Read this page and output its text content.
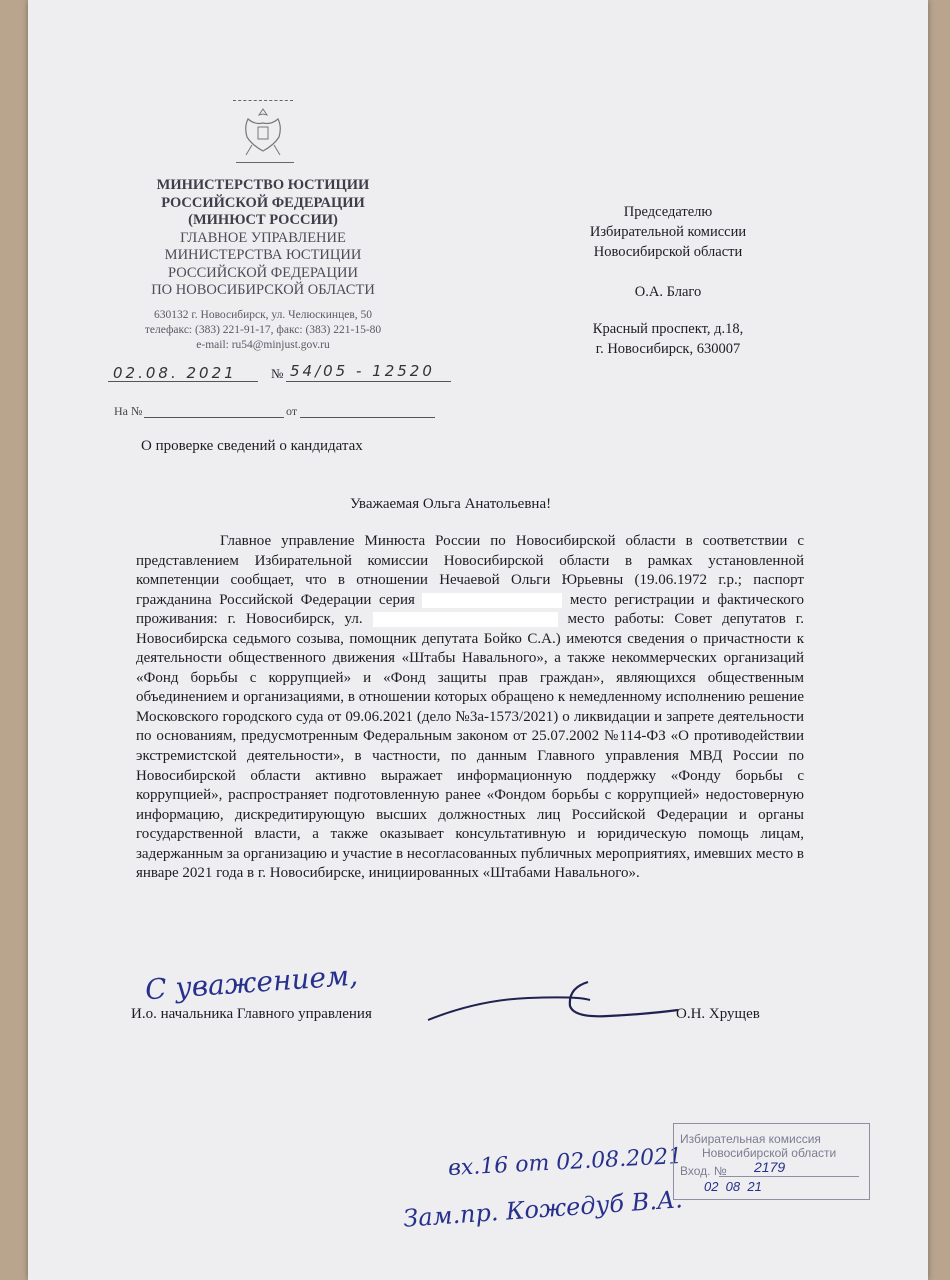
МИНИСТЕРСТВО ЮСТИЦИИ
РОССИЙСКОЙ ФЕДЕРАЦИИ
(МИНЮСТ РОССИИ)
ГЛАВНОЕ УПРАВЛЕНИЕ
МИНИСТЕРСТВА ЮСТИЦИИ
РОССИЙСКОЙ ФЕДЕРАЦИИ
ПО НОВОСИБИРСКОЙ ОБЛАСТИ
630132 г. Новосибирск, ул. Челюскинцев, 50
телефакс: (383) 221-91-17, факс: (383) 221-15-80
e-mail: ru54@minjust.gov.ru
02.08. 2021	№ 54/05 - 12520
На №	от
Председателю
Избирательной комиссии
Новосибирской области
О.А. Благо
Красный проспект, д.18,
г. Новосибирск, 630007
О проверке сведений о кандидатах
Уважаемая Ольга Анатольевна!

Главное управление Минюста России по Новосибирской области в соответствии с представлением Избирательной комиссии Новосибирской области в рамках установленной компетенции сообщает, что в отношении Нечаевой Ольги Юрьевны (19.06.1972 г.р.; паспорт гражданина Российской Федерации серия	место регистрации и фактического проживания: г. Новосибирск, ул.	место работы: Совет депутатов г. Новосибирска седьмого созыва, помощник депутата Бойко С.А.) имеются сведения о причастности к деятельности общественного движения «Штабы Навального», а также некоммерческих организаций «Фонд борьбы с коррупцией» и «Фонд защиты прав граждан», являющихся общественным объединением и организациями, в отношении которых обращено к немедленному исполнению решение Московского городского суда от 09.06.2021 (дело №3а-1573/2021) о ликвидации и запрете деятельности по основаниям, предусмотренным Федеральным законом от 25.07.2002 №114-ФЗ «О противодействии экстремистской деятельности», в частности, по данным Главного управления МВД России по Новосибирской области активно выражает информационную поддержку «Фонду борьбы с коррупцией», распространяет подготовленную ранее «Фондом борьбы с коррупцией» недостоверную информацию, дискредитирующую высших должностных лиц Российской Федерации и органы государственной власти, а также оказывает консультативную и юридическую помощь лицам, задержанным за организацию и участие в несогласованных публичных мероприятиях, имевших место в январе 2021 года в г. Новосибирске, инициированных «Штабами Навального».

С уважением,
И.о. начальника Главного управления	О.Н. Хрущев
вх.16 от 02.08.2021
Зам.пр. Кожедуб В.А.
Избирательная комиссия
Новосибирской области
Вход. № 2179
02  08  21
